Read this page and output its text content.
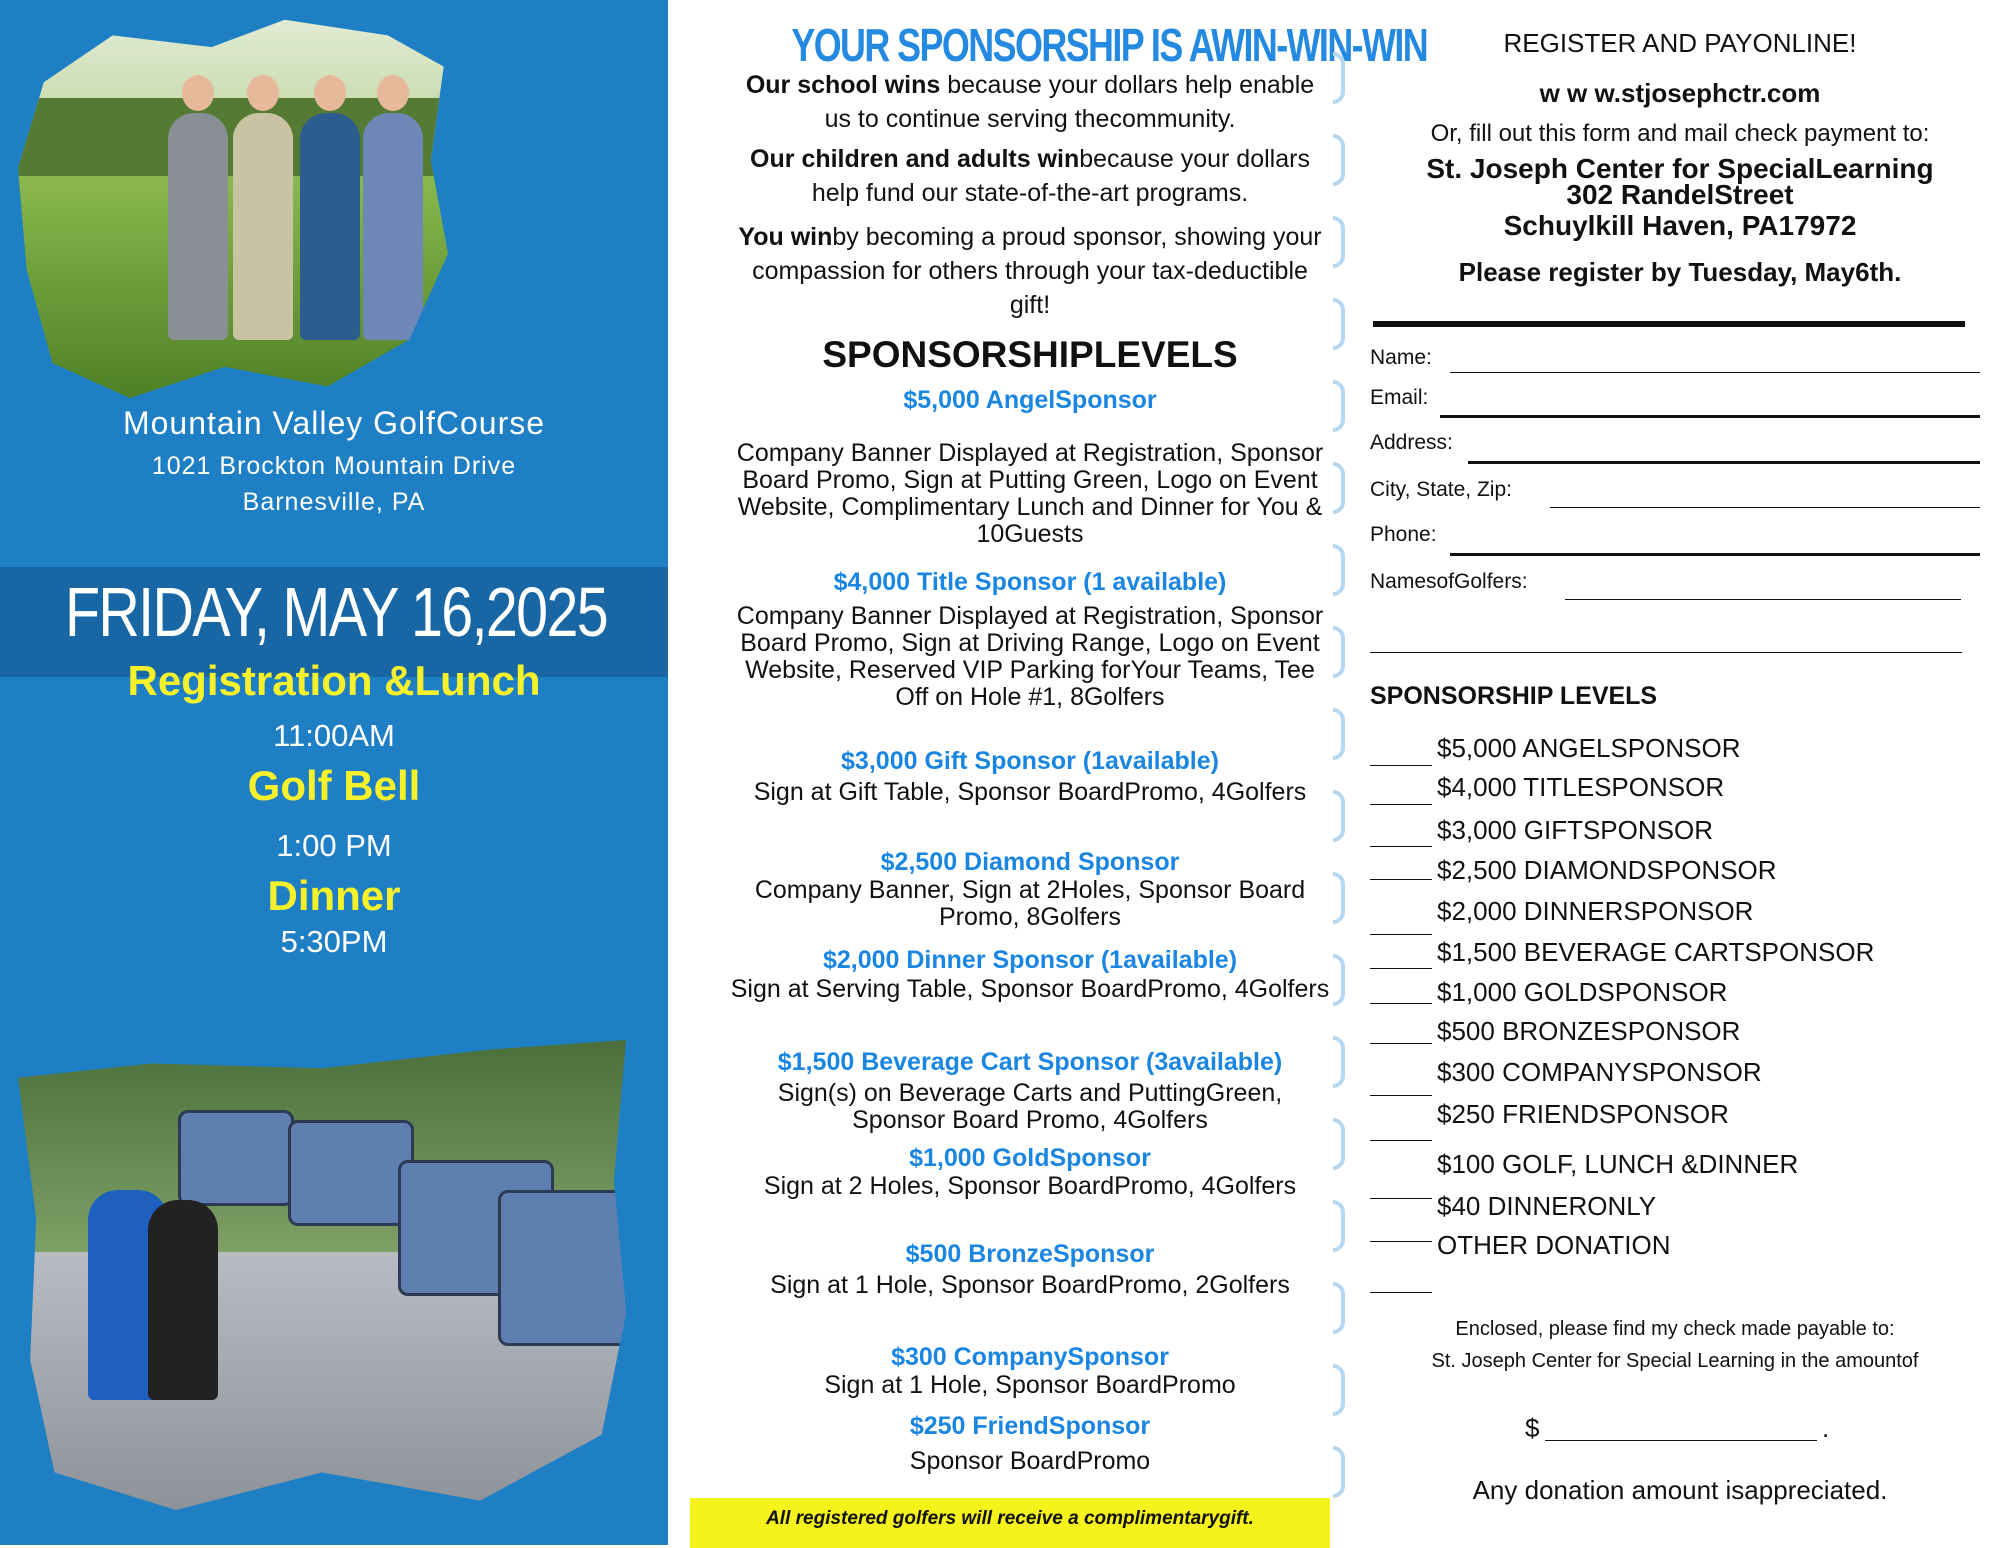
Mountain Valley GolfCourse
1021 Brockton Mountain Drive
Barnesville, PA
FRIDAY, MAY 16,2025
Registration &Lunch
11:00AM
Golf Bell
1:00 PM
Dinner
5:30PM
YOUR SPONSORSHIP IS AWIN-WIN-WIN
Our school wins because your dollars help enable us to continue serving thecommunity.
Our children and adults winbecause your dollars help fund our state-of-the-art programs.
You winby becoming a proud sponsor, showing your compassion for others through your tax-deductible gift!
SPONSORSHIPLEVELS
$5,000 AngelSponsor
Company Banner Displayed at Registration, Sponsor Board Promo, Sign at Putting Green, Logo on Event Website, Complimentary Lunch and Dinner for You & 10Guests
$4,000 Title Sponsor (1 available)
Company Banner Displayed at Registration, Sponsor Board Promo, Sign at Driving Range, Logo on Event Website, Reserved VIP Parking forYour Teams, Tee Off on Hole #1, 8Golfers
$3,000 Gift Sponsor (1available)
Sign at Gift Table, Sponsor BoardPromo, 4Golfers
$2,500 Diamond Sponsor
Company Banner, Sign at 2Holes, Sponsor Board Promo, 8Golfers
$2,000 Dinner Sponsor (1available)
Sign at Serving Table, Sponsor BoardPromo, 4Golfers
$1,500 Beverage Cart Sponsor (3available)
Sign(s) on Beverage Carts and PuttingGreen, Sponsor Board Promo, 4Golfers
$1,000 GoldSponsor
Sign at 2 Holes, Sponsor BoardPromo, 4Golfers
$500 BronzeSponsor
Sign at 1 Hole, Sponsor BoardPromo, 2Golfers
$300 CompanySponsor
Sign at 1 Hole, Sponsor BoardPromo
$250 FriendSponsor
Sponsor BoardPromo
All registered golfers will receive a complimentarygift.
REGISTER AND PAYONLINE!
w w w.stjosephctr.com
Or, fill out this form and mail check payment to:
St. Joseph Center for SpecialLearning
302 RandelStreet
Schuylkill Haven, PA17972
Please register by Tuesday, May6th.
Name:
Email:
Address:
City, State, Zip:
Phone:
NamesofGolfers:
SPONSORSHIP LEVELS
$5,000 ANGELSPONSOR
$4,000 TITLESPONSOR
$3,000 GIFTSPONSOR
$2,500 DIAMONDSPONSOR
$2,000 DINNERSPONSOR
$1,500 BEVERAGE CARTSPONSOR
$1,000 GOLDSPONSOR
$500 BRONZESPONSOR
$300 COMPANYSPONSOR
$250 FRIENDSPONSOR
$100 GOLF, LUNCH &DINNER
$40 DINNERONLY
OTHER DONATION
Enclosed, please find my check made payable to:
St. Joseph Center for Special Learning in the amountof
$	.
Any donation amount isappreciated.
